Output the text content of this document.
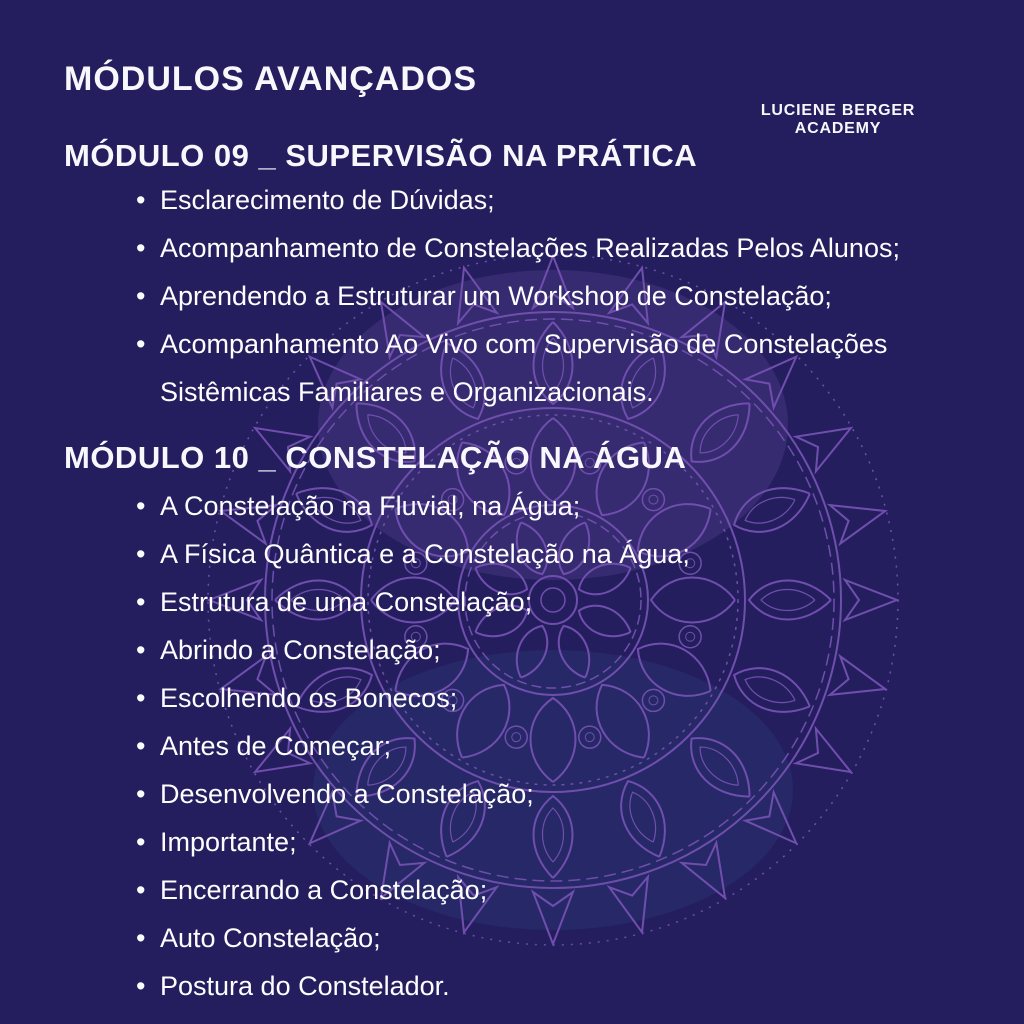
MÓDULOS AVANÇADOS
LUCIENE BERGER
ACADEMY
MÓDULO 09 _ SUPERVISÃO NA PRÁTICA
• Esclarecimento de Dúvidas;
• Acompanhamento de Constelações Realizadas Pelos Alunos;
• Aprendendo a Estruturar um Workshop de Constelação;
• Acompanhamento Ao Vivo com Supervisão de Constelações Sistêmicas Familiares e Organizacionais.
MÓDULO 10 _ CONSTELAÇÃO NA ÁGUA
• A Constelação na Fluvial, na Água;
• A Física Quântica e a Constelação na Água;
• Estrutura de uma Constelação;
• Abrindo a Constelação;
• Escolhendo os Bonecos;
• Antes de Começar;
• Desenvolvendo a Constelação;
• Importante;
• Encerrando a Constelação;
• Auto Constelação;
• Postura do Constelador.
